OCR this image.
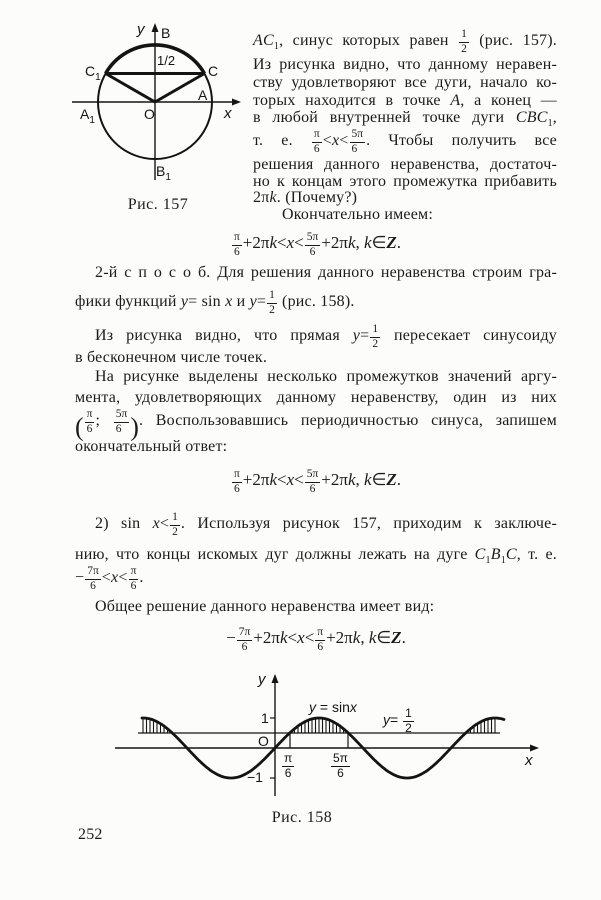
y B
1/2
$C_1$	C
A
$A_1$	O	x
$B_1$
Рис. 157
$AC_1$, синус которых равен $\frac{1}{2} (рис$. 157).
Из рисунка видно, что данному неравен-
ству удовлетворяют все дуги, начало ко-
торых находится в точке A, а конец —
в любой внутренней точке дуги $CBC_1$,
т. е. $\frac{\pi}{6} <x< \frac{5\pi}{6}$ . Чтобы получить все
решения данного неравенства, достаточ-
но к концам этого промежутка прибавить
2πk. (Почему?)
Окончательно имеем:
$\frac{\pi}{6} +2\pi k<x< \frac{5\pi}{6} +2\pi k$, k∈Z.
2-й с п о с о б. Для решения данного неравенства строим гра-
фики функций y= sin x и $y= \frac{1}{2} (рис$. 158).
Из рисунка видно, что прямая $y= \frac{1}{2}$ пересекает синусоиду
в бесконечном числе точек.
На рисунке выделены несколько промежутков значений аргу-
мента, удовлетворяющих данному неравенству, один из них
( $\frac{\pi}{6}$ ; $\frac{5\pi}{6}$ ). Воспользовавшись периодичностью синуса, запишем
окончательный ответ:
$\frac{\pi}{6} +2\pi k<x< \frac{5\pi}{6} +2\pi k$, k∈Z.
2) $\sin x< \frac{1}{2}$ . Используя рисунок 157, приходим к заключе-
нию, что концы искомых дуг должны лежать на дуге $C_1B_1C$, т. е.
− $\frac{7\pi}{6} <x< \frac{\pi}{6}$ .
Общее решение данного неравенства имеет вид:
− $\frac{7\pi}{6} +2\pi k<x< \frac{\pi}{6} +2\pi k$, k∈Z.
y
y = sinx
1	$y= \frac{1}{2}$
O
$\frac{\pi}{6}$	$\frac{5\pi}{6}$	x
−1
Рис. 158
252
